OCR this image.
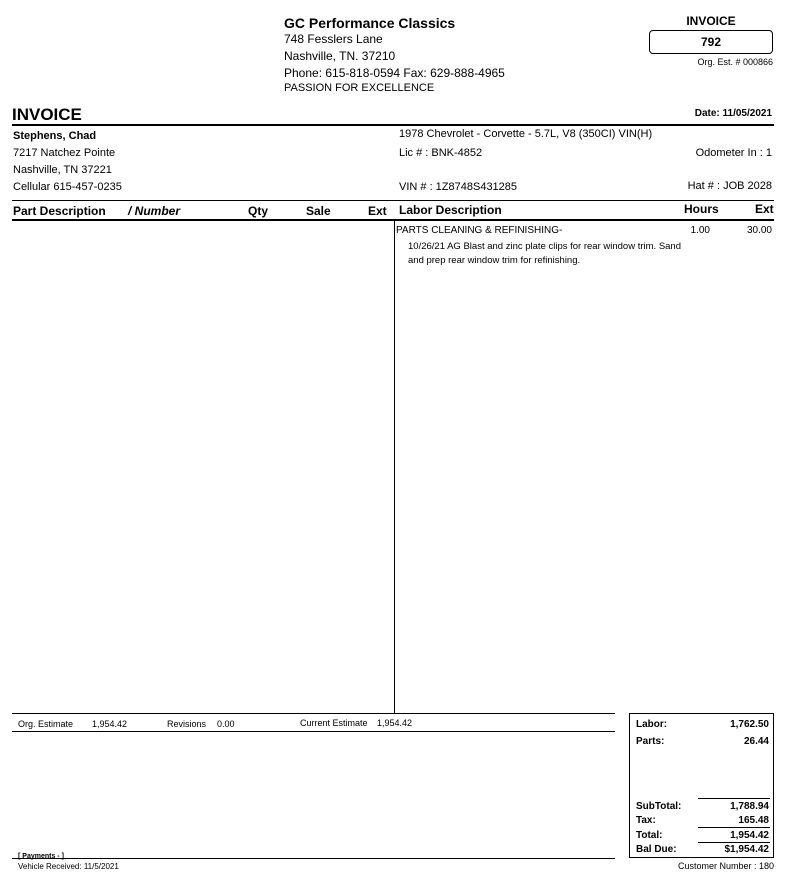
GC Performance Classics
748 Fesslers Lane
Nashville, TN. 37210
Phone: 615-818-0594 Fax: 629-888-4965
PASSION FOR EXCELLENCE
INVOICE
792
Org. Est. # 000866
INVOICE	Date: 11/05/2021
Stephens, Chad
7217 Natchez Pointe
Nashville, TN 37221
Cellular 615-457-0235
1978 Chevrolet - Corvette - 5.7L, V8 (350CI) VIN(H)
Lic # : BNK-4852	Odometer In : 1
VIN # : 1Z8748S431285	Hat # : JOB 2028
Part Description / Number	Qty	Sale	Ext Labor Description	Hours	Ext
PARTS CLEANING & REFINISHING-	1.00	30.00
10/26/21 AG Blast and zinc plate clips for rear window trim. Sand
and prep rear window trim for refinishing.
Org. Estimate 1,954.42	Revisions 0.00	Current Estimate 1,954.42	Labor:	1,762.50
Parts:	26.44
SubTotal:	1,788.94
Tax:	165.48
Total:	1,954.42
Bal Due:	$1,954.42
[ Payments - ]
Vehicle Received: 11/5/2021	Customer Number : 180
